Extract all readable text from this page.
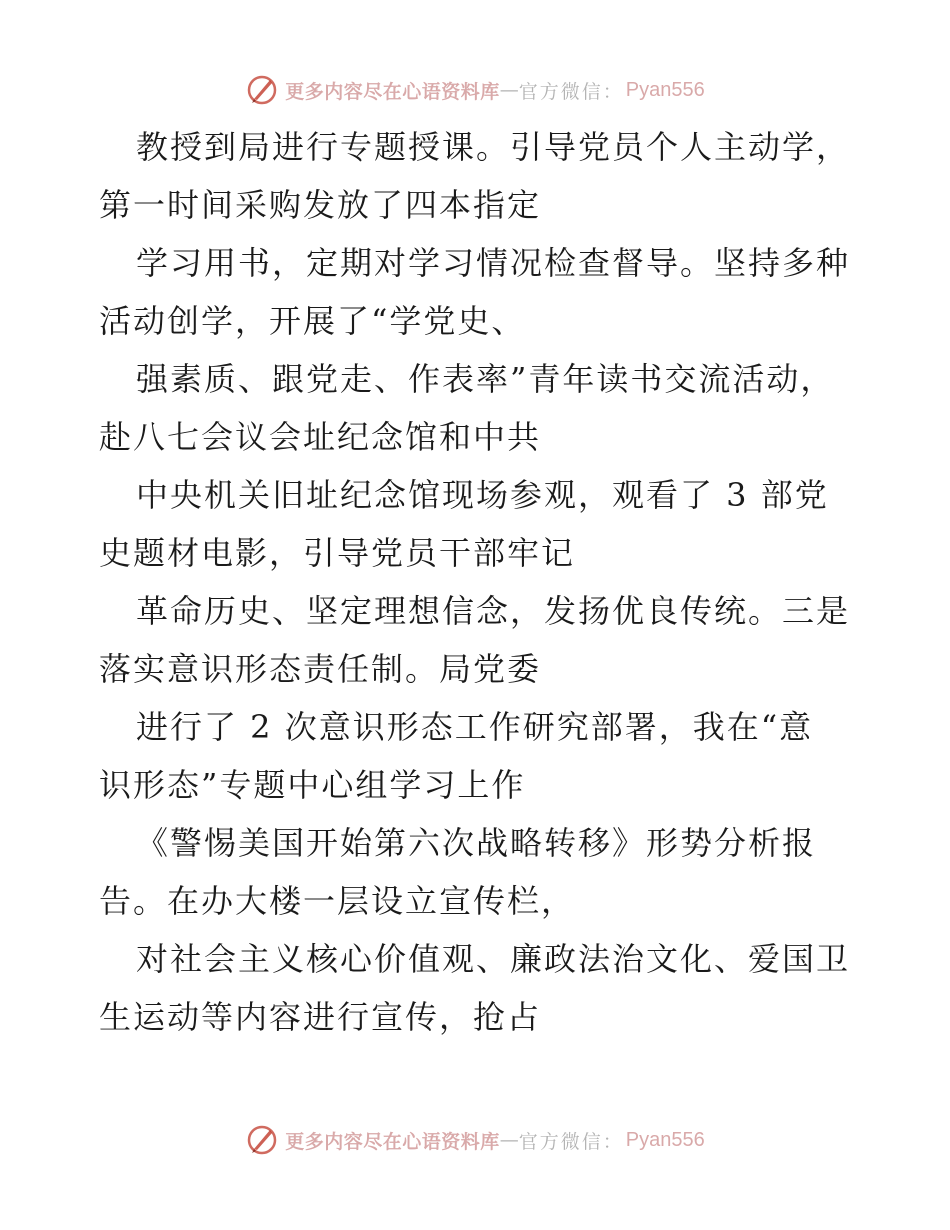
更多内容尽在心语资料库 — 官方微信： Pyan556

教授到局进行专题授课。引导党员个人主动学，
第一时间采购发放了四本指定

学习用书，定期对学习情况检查督导。坚持多种
活动创学，开展了“学党史、

强素质、跟党走、作表率”青年读书交流活动，
赴八七会议会址纪念馆和中共

中央机关旧址纪念馆现场参观，观看了 3 部党
史题材电影，引导党员干部牢记

革命历史、坚定理想信念，发扬优良传统。三是
落实意识形态责任制。局党委

进行了 2 次意识形态工作研究部署，我在“意
识形态”专题中心组学习上作

《警惕美国开始第六次战略转移》形势分析报
告。在办大楼一层设立宣传栏，

对社会主义核心价值观、廉政法治文化、爱国卫
生运动等内容进行宣传，抢占

更多内容尽在心语资料库 — 官方微信： Pyan556
